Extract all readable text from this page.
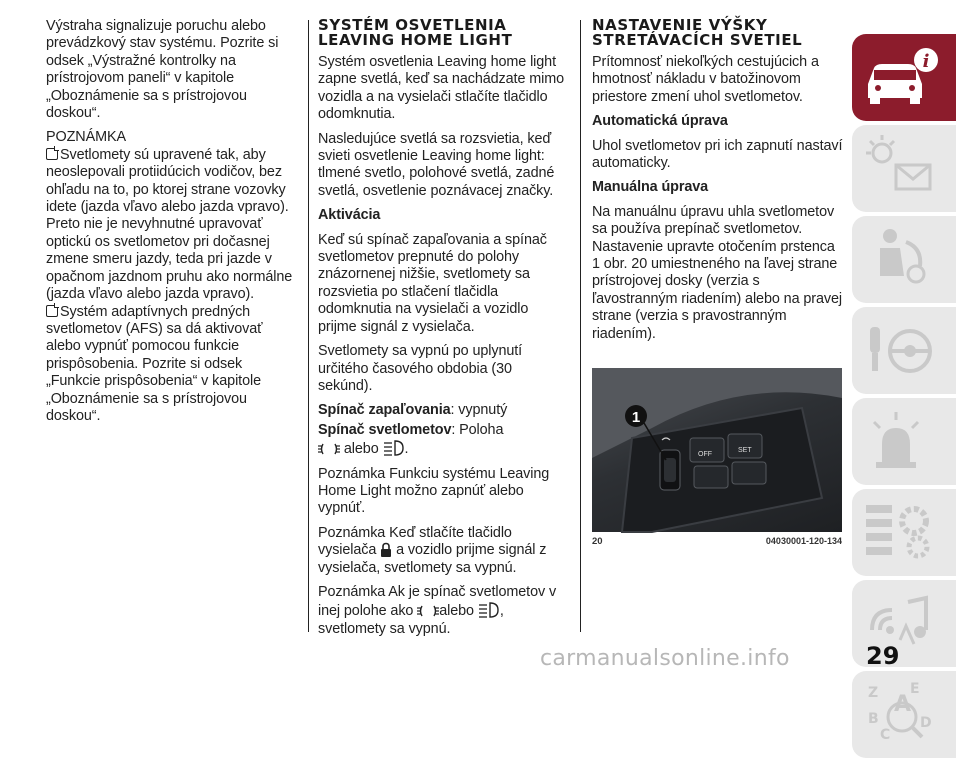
Výstraha signalizuje poruchu alebo prevádzkový stav systému. Pozrite si odsek „Výstražné kontrolky na prístrojovom paneli“ v kapitole „Oboznámenie sa s prístrojovou doskou“.

POZNÁMKA

Svetlomety sú upravené tak, aby neoslepovali protiidúcich vodičov, bez ohľadu na to, po ktorej strane vozovky idete (jazda vľavo alebo jazda vpravo). Preto nie je nevyhnutné upravovať optickú os svetlometov pri dočasnej zmene smeru jazdy, teda pri jazde v opačnom jazdnom pruhu ako normálne (jazda vľavo alebo jazda vpravo).

Systém adaptívnych predných svetlometov (AFS) sa dá aktivovať alebo vypnúť pomocou funkcie prispôsobenia. Pozrite si odsek „Funkcie prispôsobenia“ v kapitole „Oboznámenie sa s prístrojovou doskou“.

SYSTÉM OSVETLENIA
LEAVING HOME LIGHT

Systém osvetlenia Leaving home light zapne svetlá, keď sa nachádzate mimo vozidla a na vysielači stlačíte tlačidlo odomknutia.

Nasledujúce svetlá sa rozsvietia, keď svieti osvetlenie Leaving home light: tlmené svetlo, polohové svetlá, zadné svetlá, osvetlenie poznávacej značky.

Aktivácia

Keď sú spínač zapaľovania a spínač svetlometov prepnuté do polohy znázornenej nižšie, svetlomety sa rozsvietia po stlačení tlačidla odomknutia na vysielači a vozidlo prijme signál z vysielača.

Svetlomety sa vypnú po uplynutí určitého časového obdobia (30 sekúnd).

Spínač zapaľovania: vypnutý

Spínač svetlometov: Poloha
alebo .

Poznámka Funkciu systému Leaving Home Light možno zapnúť alebo vypnúť.

Poznámka Keď stlačíte tlačidlo vysielača a vozidlo prijme signál z vysielača, svetlomety sa vypnú.

Poznámka Ak je spínač svetlometov v inej polohe ako alebo , svetlomety sa vypnú.

NASTAVENIE VÝŠKY
STRETÁVACÍCH SVETIEL

Prítomnosť niekoľkých cestujúcich a hmotnosť nákladu v batožinovom priestore zmení uhol svetlometov.

Automatická úprava

Uhol svetlometov pri ich zapnutí nastaví automaticky.

Manuálna úprava

Na manuálnu úpravu uhla svetlometov sa používa prepínač svetlometov.

Nastavenie upravte otočením prstenca 1 obr. 20 umiestneného na ľavej strane prístrojovej dosky (verzia s ľavostranným riadením) alebo na pravej strane (verzia s pravostranným riadením).

OFF
SET
1
20	04030001-120-134
i
Z E
A
B
C
D
carmanualsonline.info	29
